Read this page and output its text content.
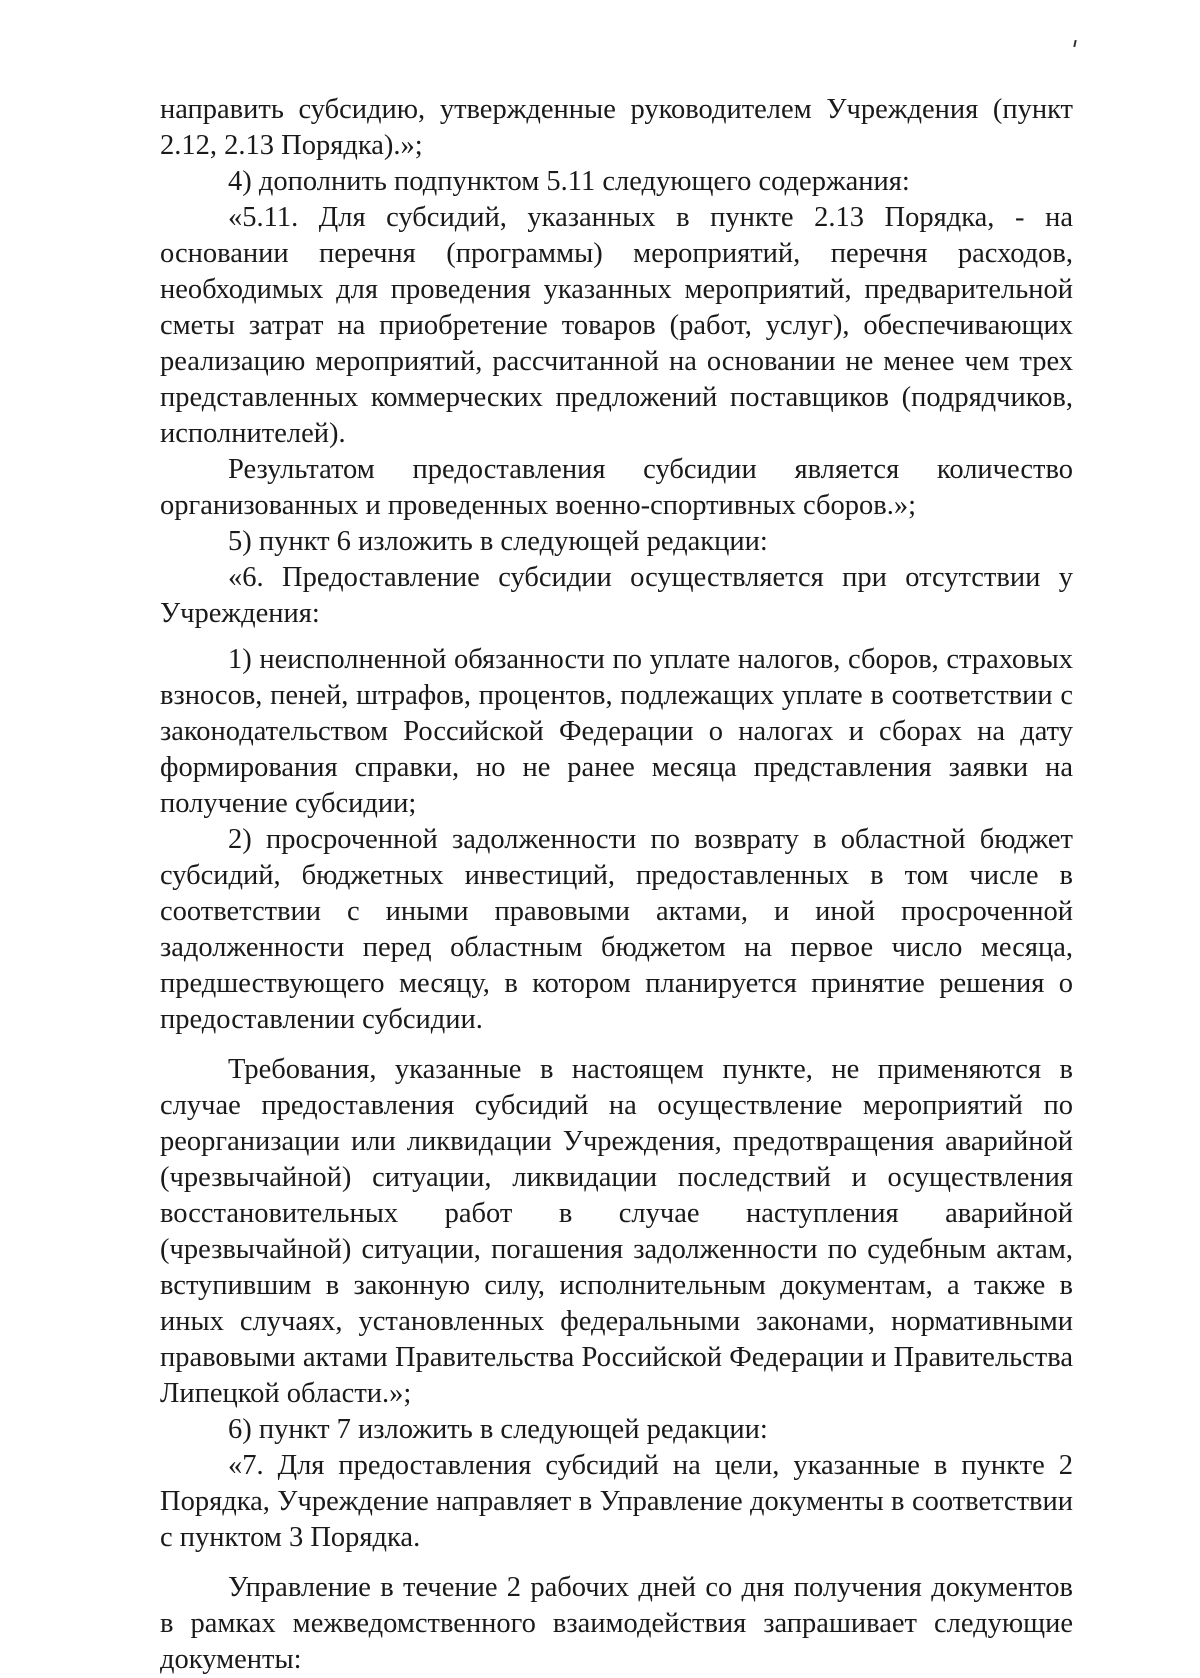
направить субсидию, утвержденные руководителем Учреждения (пункт 2.12, 2.13 Порядка).»;

4) дополнить подпунктом 5.11 следующего содержания:

«5.11. Для субсидий, указанных в пункте 2.13 Порядка, - на основании перечня (программы) мероприятий, перечня расходов, необходимых для проведения указанных мероприятий, предварительной сметы затрат на приобретение товаров (работ, услуг), обеспечивающих реализацию мероприятий, рассчитанной на основании не менее чем трех представленных коммерческих предложений поставщиков (подрядчиков, исполнителей).

Результатом предоставления субсидии является количество организованных и проведенных военно-спортивных сборов.»;

5) пункт 6 изложить в следующей редакции:

«6. Предоставление субсидии осуществляется при отсутствии у Учреждения:

1) неисполненной обязанности по уплате налогов, сборов, страховых взносов, пеней, штрафов, процентов, подлежащих уплате в соответствии с законодательством Российской Федерации о налогах и сборах на дату формирования справки, но не ранее месяца представления заявки на получение субсидии;

2) просроченной задолженности по возврату в областной бюджет субсидий, бюджетных инвестиций, предоставленных в том числе в соответствии с иными правовыми актами, и иной просроченной задолженности перед областным бюджетом на первое число месяца, предшествующего месяцу, в котором планируется принятие решения о предоставлении субсидии.

Требования, указанные в настоящем пункте, не применяются в случае предоставления субсидий на осуществление мероприятий по реорганизации или ликвидации Учреждения, предотвращения аварийной (чрезвычайной) ситуации, ликвидации последствий и осуществления восстановительных работ в случае наступления аварийной (чрезвычайной) ситуации, погашения задолженности по судебным актам, вступившим в законную силу, исполнительным документам, а также в иных случаях, установленных федеральными законами, нормативными правовыми актами Правительства Российской Федерации и Правительства Липецкой области.»;

6) пункт 7 изложить в следующей редакции:

«7. Для предоставления субсидий на цели, указанные в пункте 2 Порядка, Учреждение направляет в Управление документы в соответствии с пунктом 3 Порядка.

Управление в течение 2 рабочих дней со дня получения документов в рамках межведомственного взаимодействия запрашивает следующие документы:
